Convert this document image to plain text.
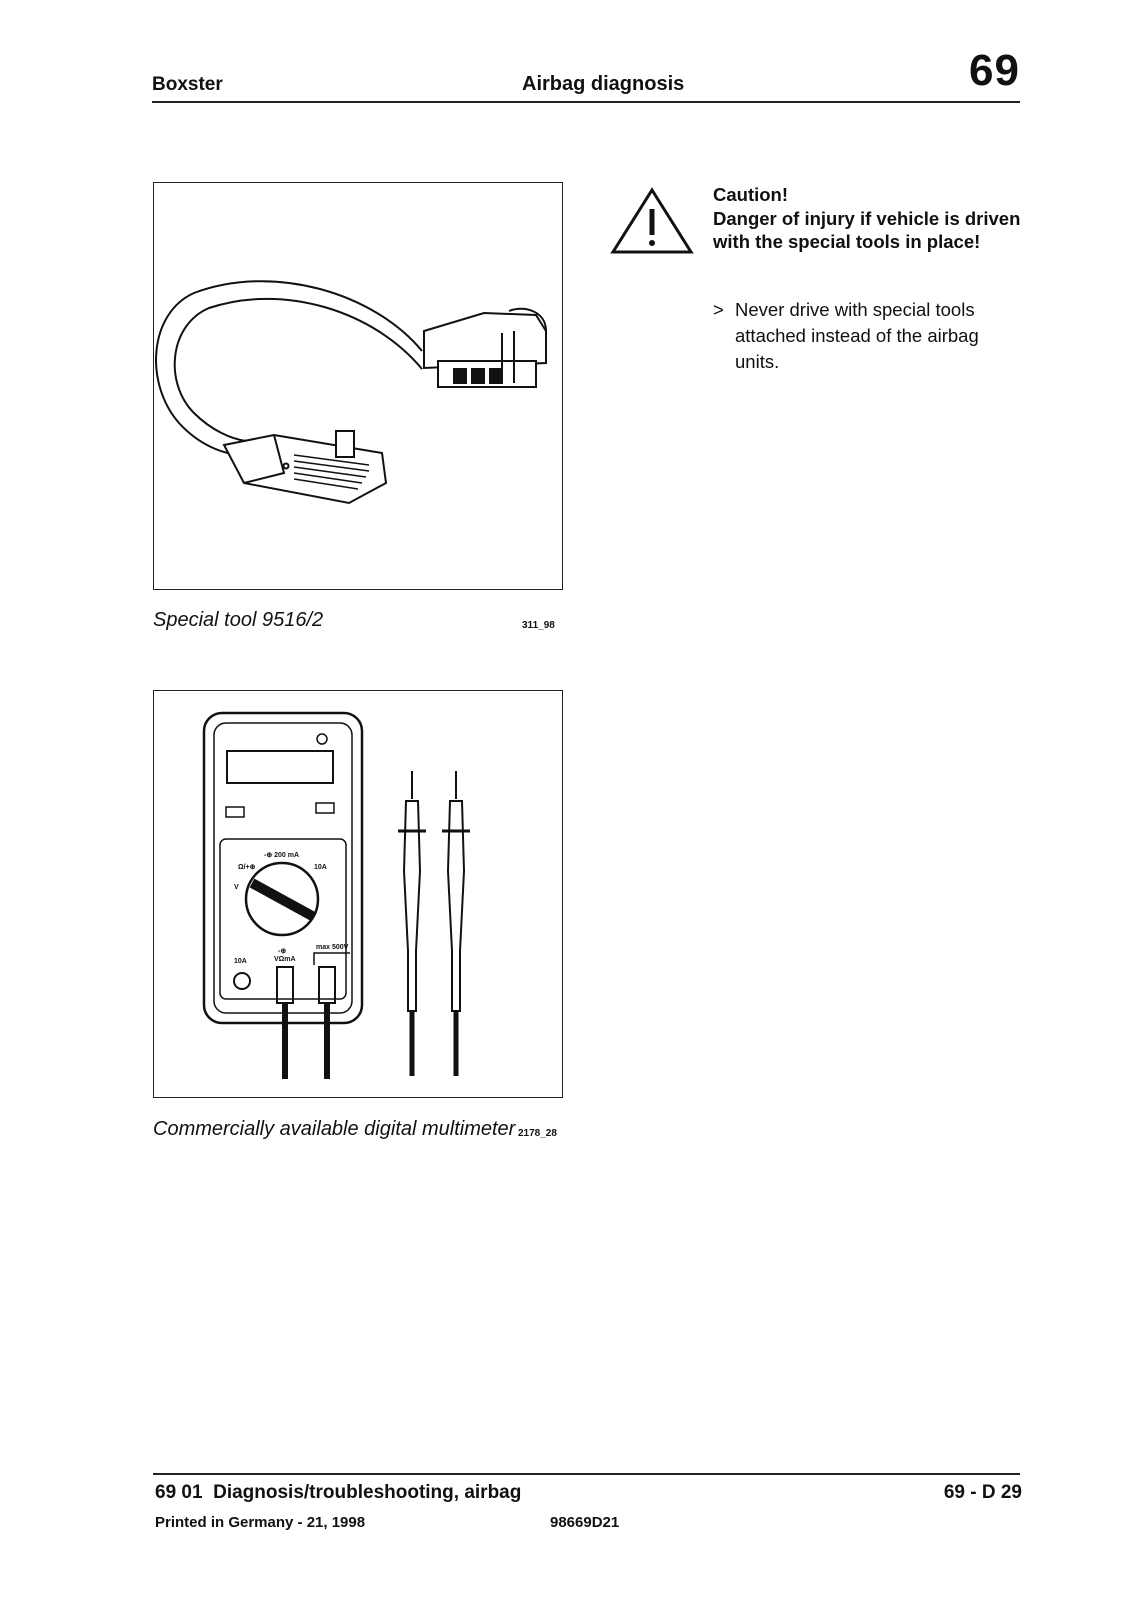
Boxster	Airbag diagnosis	69
Special tool 9516/2	311_98
Ω/+⊕
-⊕ 200 mA
10A
V
10A
-⊕
VΩmA
max 500V
Commercially available digital multimeter 2178_28
Caution!
Danger of injury if vehicle is driven with the special tools in place!
> Never drive with special tools attached instead of the airbag units.
69 01  Diagnosis/troubleshooting, airbag	69 - D 29
Printed in Germany - 21, 1998	98669D21
